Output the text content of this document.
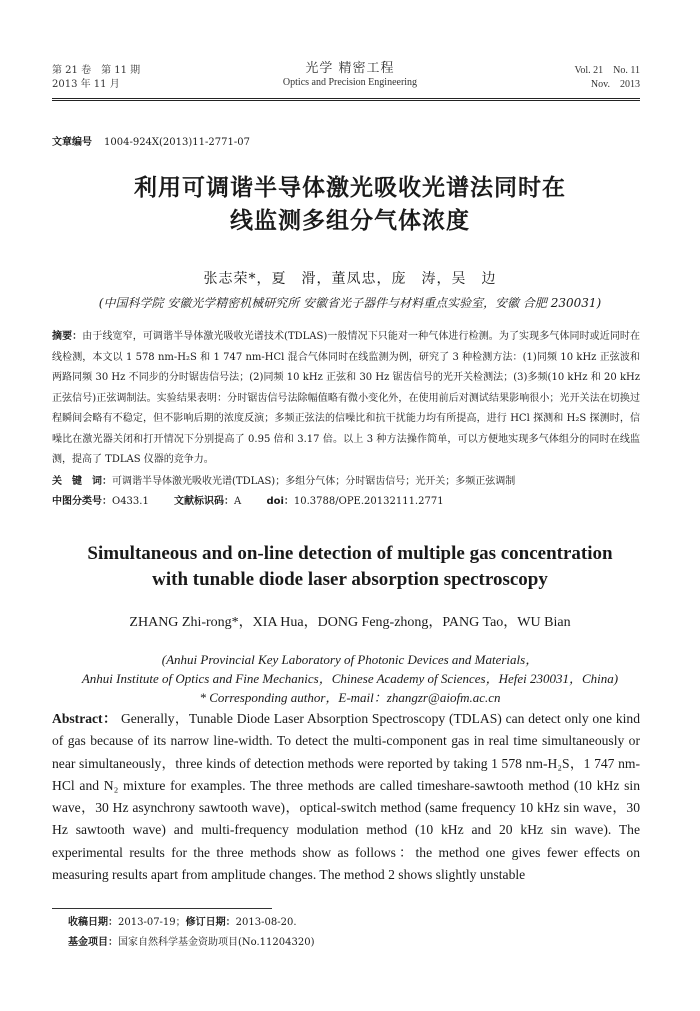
第 21 卷　第 11 期
2013 年 11 月
光学 精密工程
Optics and Precision Engineering
Vol. 21　No. 11
Nov.　2013
文章编号 1004-924X(2013)11-2771-07
利用可调谐半导体激光吸收光谱法同时在
线监测多组分气体浓度
张志荣*，夏　滑，董凤忠，庞　涛，吴　边
(中国科学院 安徽光学精密机械研究所 安徽省光子器件与材料重点实验室，安徽 合肥 230031)
摘要：由于线宽窄，可调谐半导体激光吸收光谱技术(TDLAS)一般情况下只能对一种气体进行检测。为了实现多气体同时或近同时在线检测，本文以 1 578 nm-H₂S 和 1 747 nm-HCl 混合气体同时在线监测为例，研究了 3 种检测方法：(1)同频 10 kHz 正弦波和两路同频 30 Hz 不同步的分时锯齿信号法；(2)同频 10 kHz 正弦和 30 Hz 锯齿信号的光开关检测法；(3)多频(10 kHz 和 20 kHz 正弦信号)正弦调制法。实验结果表明：分时锯齿信号法除幅值略有微小变化外，在使用前后对测试结果影响很小；光开关法在切换过程瞬间会略有不稳定，但不影响后期的浓度反演；多频正弦法的信噪比和抗干扰能力均有所提高，进行 HCl 探测和 H₂S 探测时，信噪比在激光器关闭和打开情况下分别提高了 0.95 倍和 3.17 倍。以上 3 种方法操作简单，可以方便地实现多气体组分的同时在线监测，提高了 TDLAS 仪器的竞争力。
关　键　词：可调谐半导体激光吸收光谱(TDLAS)；多组分气体；分时锯齿信号；光开关；多频正弦调制
中图分类号：O433.1	文献标识码：A	doi：10.3788/OPE.20132111.2771
Simultaneous and on-line detection of multiple gas concentration
with tunable diode laser absorption spectroscopy
ZHANG Zhi-rong*，XIA Hua，DONG Feng-zhong，PANG Tao，WU Bian
(Anhui Provincial Key Laboratory of Photonic Devices and Materials，
Anhui Institute of Optics and Fine Mechanics，Chinese Academy of Sciences，Hefei 230031，China)
* Corresponding author，E-mail：zhangzr@aiofm.ac.cn
Abstract： Generally，Tunable Diode Laser Absorption Spectroscopy (TDLAS) can detect only one kind of gas because of its narrow line-width. To detect the multi-component gas in real time simultaneously or near simultaneously，three kinds of detection methods were reported by taking 1 578 nm-H₂S，1 747 nm-HCl and N₂ mixture for examples. The three methods are called timeshare-sawtooth method (10 kHz sin wave，30 Hz asynchrony sawtooth wave)，optical-switch method (same frequency 10 kHz sin wave，30 Hz sawtooth wave) and multi-frequency modulation method (10 kHz and 20 kHz sin wave). The experimental results for the three methods show as follows：the method one gives fewer effects on measuring results apart from amplitude changes. The method 2 shows slightly unstable
收稿日期：2013-07-19；修订日期：2013-08-20.
基金项目：国家自然科学基金资助项目(No.11204320)
